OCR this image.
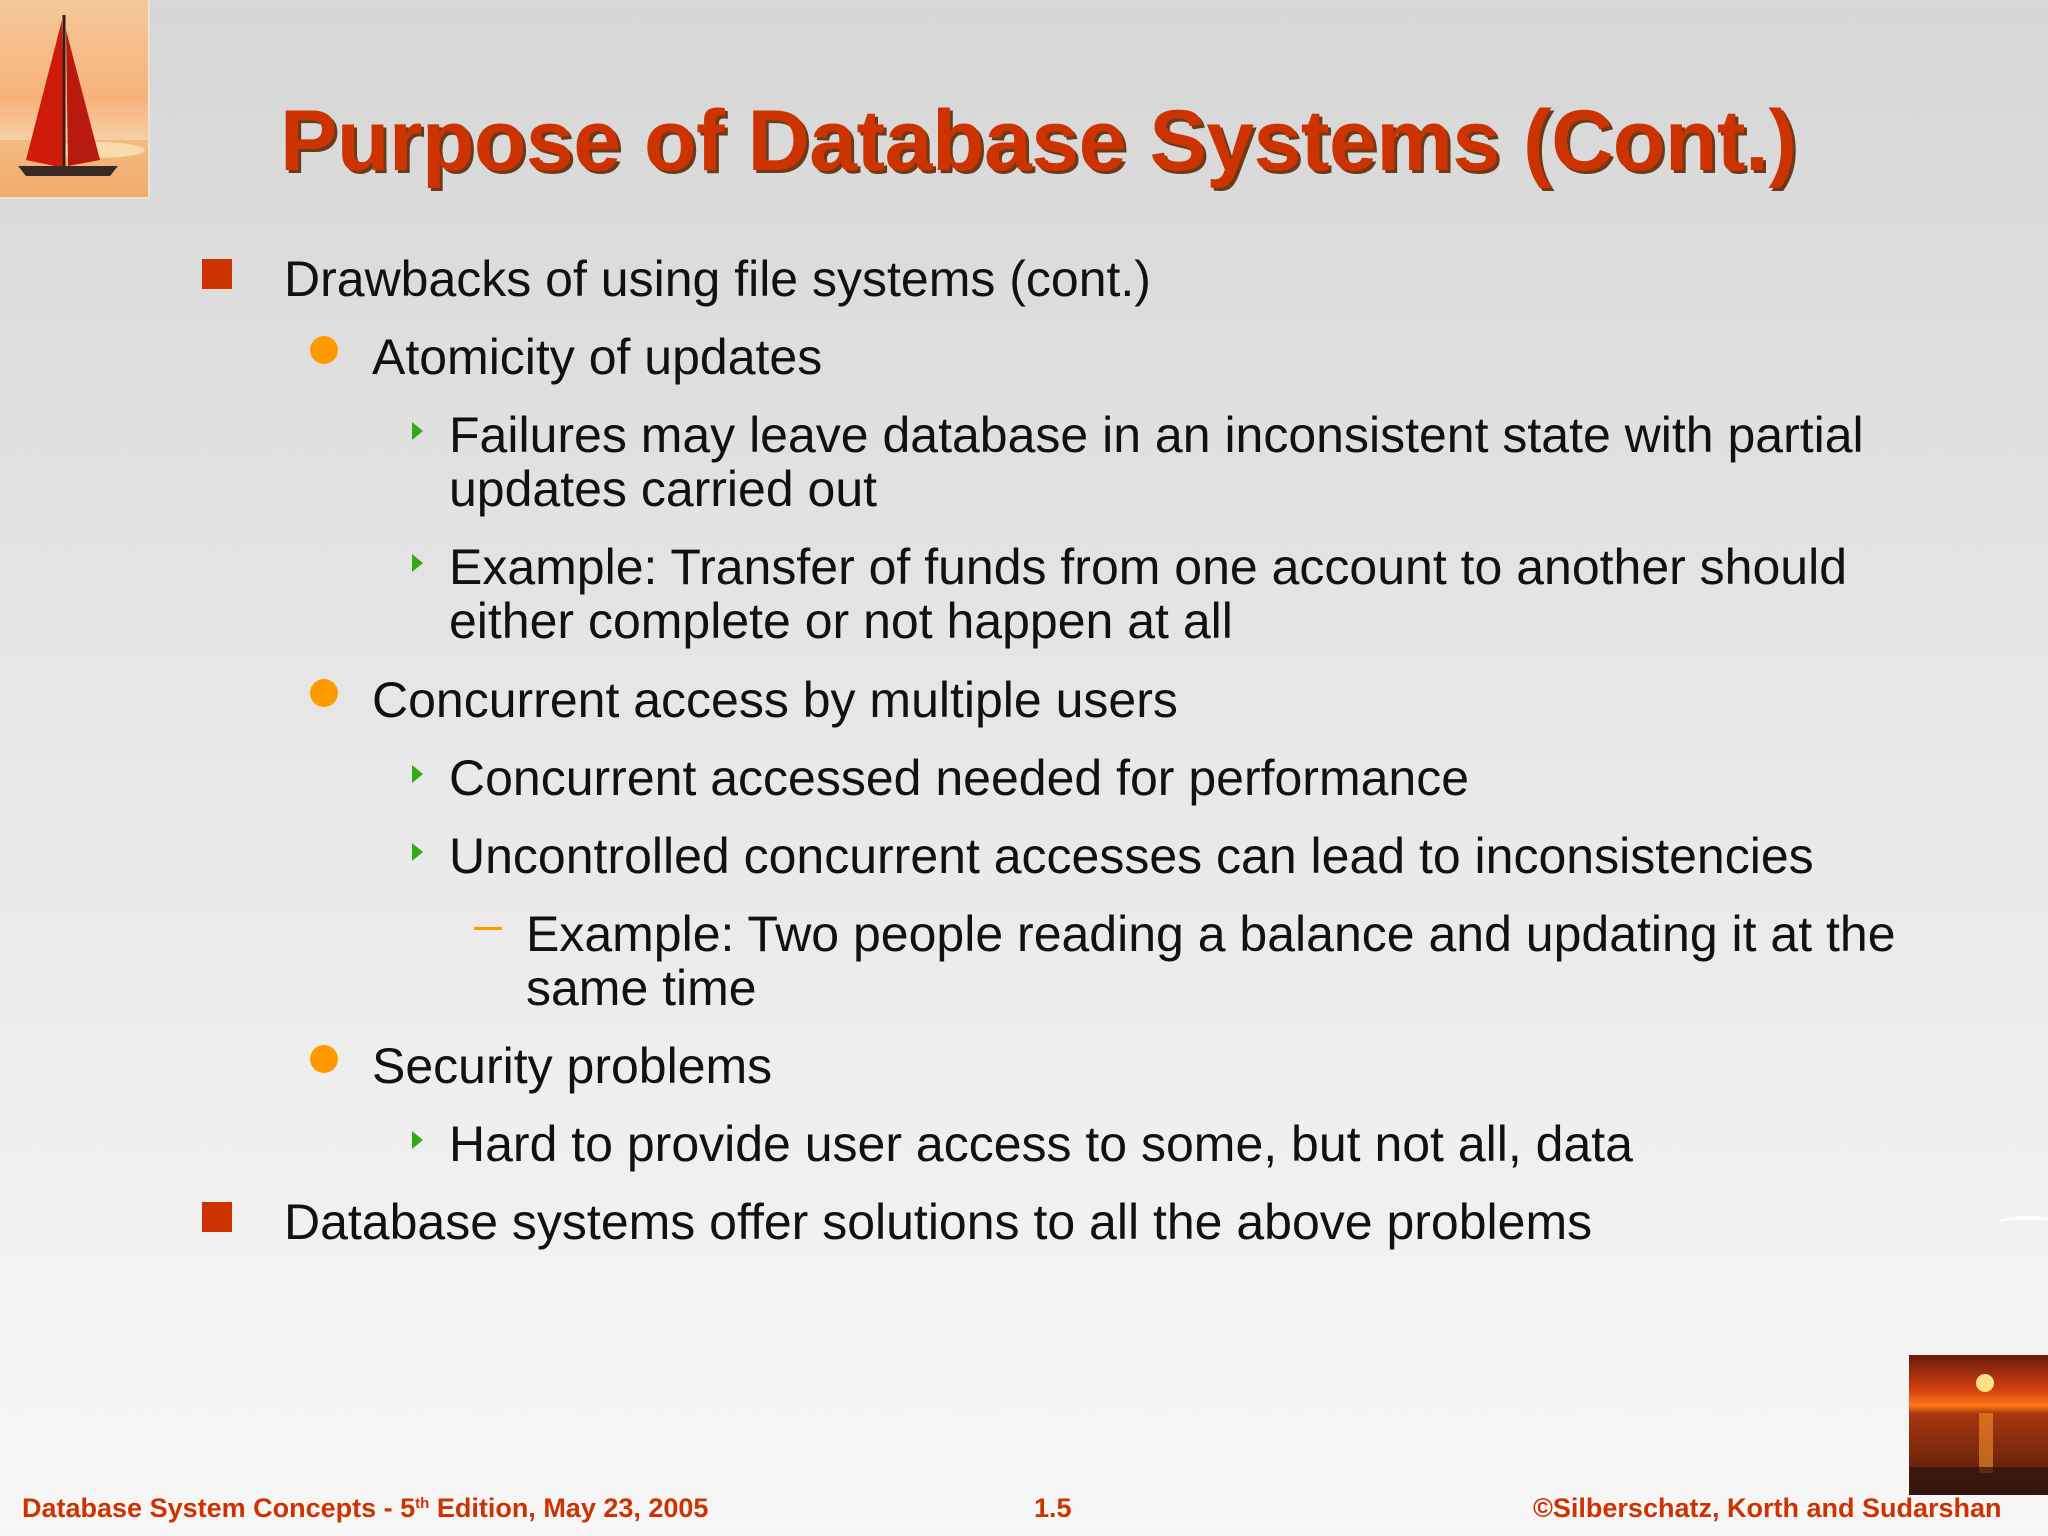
Purpose of Database Systems (Cont.)
Drawbacks of using file systems (cont.)
Atomicity of updates
Failures may leave database in an inconsistent state with partial
updates carried out
Example: Transfer of funds from one account to another should
either complete or not happen at all
Concurrent access by multiple users
Concurrent accessed needed for performance
Uncontrolled concurrent accesses can lead to inconsistencies
Example: Two people reading a balance and updating it at the
same time
Security problems
Hard to provide user access to some, but not all, data
Database systems offer solutions to all the above problems
Database System Concepts - 5th Edition, May 23, 2005	1.5	©Silberschatz, Korth and Sudarshan
